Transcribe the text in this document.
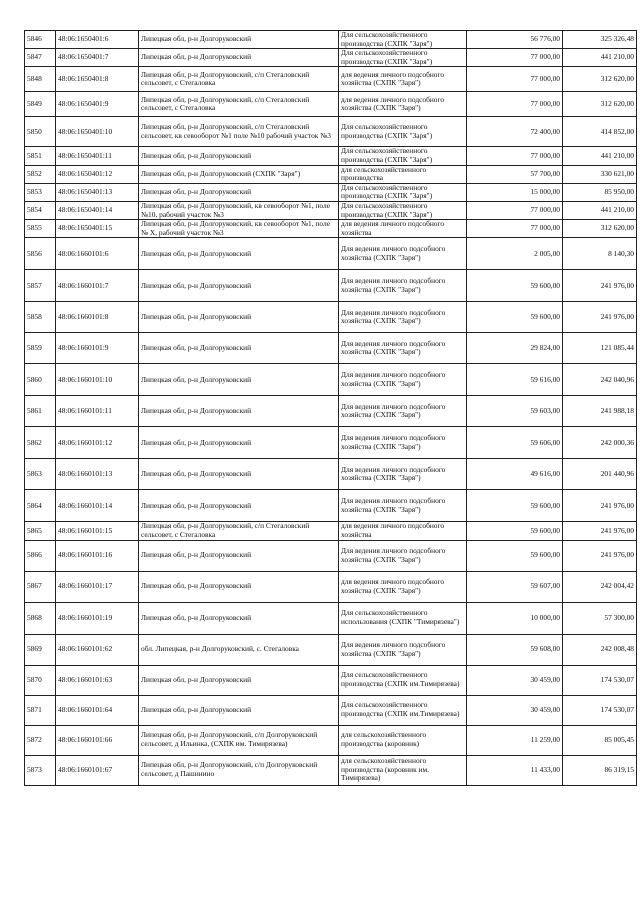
5846	48:06:1650401:6	Липецкая обл, р-н Долгоруковский	Для сельскохозяйственного производства (СХПК "Заря")	56 776,00	325 326,48
5847	48:06:1650401:7	Липецкая обл, р-н Долгоруковский	Для сельскохозяйственного производства (СХПК "Заря")	77 000,00	441 210,00
5848	48:06:1650401:8	Липецкая обл, р-н Долгоруковский, с/п Стегаловский сельсовет, с Стегаловка	для ведения личного подсобного хозяйства (СХПК "Заря")	77 000,00	312 620,00
5849	48:06:1650401:9	Липецкая обл, р-н Долгоруковский, с/п Стегаловский сельсовет, с Стегаловка	для ведения личного подсобного хозяйства (СХПК "Заря")	77 000,00	312 620,00
5850	48:06:1650401:10	Липецкая обл, р-н Долгоруковский, с/п Стегаловский сельсовет, кв севооборот №1 поле №10 рабочий участок №3	Для сельскохозяйственного производства (СХПК "Заря")	72 400,00	414 852,00
5851	48:06:1650401:11	Липецкая обл, р-н Долгоруковский	Для сельскохозяйственного производства (СХПК "Заря")	77 000,00	441 210,00
5852	48:06:1650401:12	Липецкая обл, р-н Долгоруковский (СХПК "Заря")	для сельскохозяйственного производства	57 700,00	330 621,00
5853	48:06:1650401:13	Липецкая обл, р-н Долгоруковский	Для сельскохозяйственного производства (СХПК "Заря")	15 000,00	85 950,00
5854	48:06:1650401:14	Липецкая обл, р-н Долгоруковский, кв севооборот №1, поле №10, рабочий участок №3	Для сельскохозяйственного производства (СХПК "Заря")	77 000,00	441 210,00
5855	48:06:1650401:15	Липецкая обл, р-н Долгоруковский, кв севооборот №1, поле № X, рабочий участок №3	для ведения личного подсобного хозяйства	77 000,00	312 620,00
5856	48:06:1660101:6	Липецкая обл, р-н Долгоруковский	Для ведения личного подсобного хозяйства (СХПК "Заря")	2 005,00	8 140,30
5857	48:06:1660101:7	Липецкая обл, р-н Долгоруковский	Для ведения личного подсобного хозяйства (СХПК "Заря")	59 600,00	241 976,00
5858	48:06:1660101:8	Липецкая обл, р-н Долгоруковский	Для ведения личного подсобного хозяйства (СХПК "Заря")	59 600,00	241 976,00
5859	48:06:1660101:9	Липецкая обл, р-н Долгоруковский	Для ведения личного подсобного хозяйства (СХПК "Заря")	29 824,00	121 085,44
5860	48:06:1660101:10	Липецкая обл, р-н Долгоруковский	Для ведения личного подсобного хозяйства (СХПК "Заря")	59 616,00	242 040,96
5861	48:06:1660101:11	Липецкая обл, р-н Долгоруковский	Для ведения личного подсобного хозяйства (СХПК "Заря")	59 603,00	241 988,18
5862	48:06:1660101:12	Липецкая обл, р-н Долгоруковский	Для ведения личного подсобного хозяйства (СХПК "Заря")	59 606,00	242 000,36
5863	48:06:1660101:13	Липецкая обл, р-н Долгоруковский	Для ведения личного подсобного хозяйства (СХПК "Заря")	49 616,00	201 440,96
5864	48:06:1660101:14	Липецкая обл, р-н Долгоруковский	Для ведения личного подсобного хозяйства (СХПК "Заря")	59 600,00	241 976,00
5865	48:06:1660101:15	Липецкая обл, р-н Долгоруковский, с/п Стегаловский сельсовет, с Стегаловка	для ведения личного подсобного хозяйства	59 600,00	241 976,00
5866	48:06:1660101:16	Липецкая обл, р-н Долгоруковский	Для ведения личного подсобного хозяйства (СХПК "Заря")	59 600,00	241 976,00
5867	48:06:1660101:17	Липецкая обл, р-н Долгоруковский	для ведения личного подсобного хозяйства (СХПК "Заря")	59 607,00	242 004,42
5868	48:06:1660101:19	Липецкая обл, р-н Долгоруковский	Для сельскохозяйственного использования (СХПК "Тимирязева")	10 000,00	57 300,00
5869	48:06:1660101:62	обл. Липецкая, р-н Долгоруковский, с. Стегаловка	Для ведения личного подсобного хозяйства (СХПК "Заря")	59 608,00	242 008,48
5870	48:06:1660101:63	Липецкая обл, р-н Долгоруковский	Для сельскохозяйственного производства (СХПК им.Тимирязева)	30 459,00	174 530,07
5871	48:06:1660101:64	Липецкая обл, р-н Долгоруковский	Для сельскохозяйственного производства (СХПК им.Тимирязева)	30 459,00	174 530,07
5872	48:06:1660101:66	Липецкая обл, р-н Долгоруковский, с/п Долгоруковский сельсовет, д Ильинка, (СХПК им. Тимирязева)	для сельскохозяйственного производства (коровник)	11 259,00	85 005,45
5873	48:06:1660101:67	Липецкая обл, р-н Долгоруковский, с/п Долгоруковский сельсовет, д Пашинино	для сельскохозяйственного производства (коровник им. Тимирязева)	11 433,00	86 319,15
